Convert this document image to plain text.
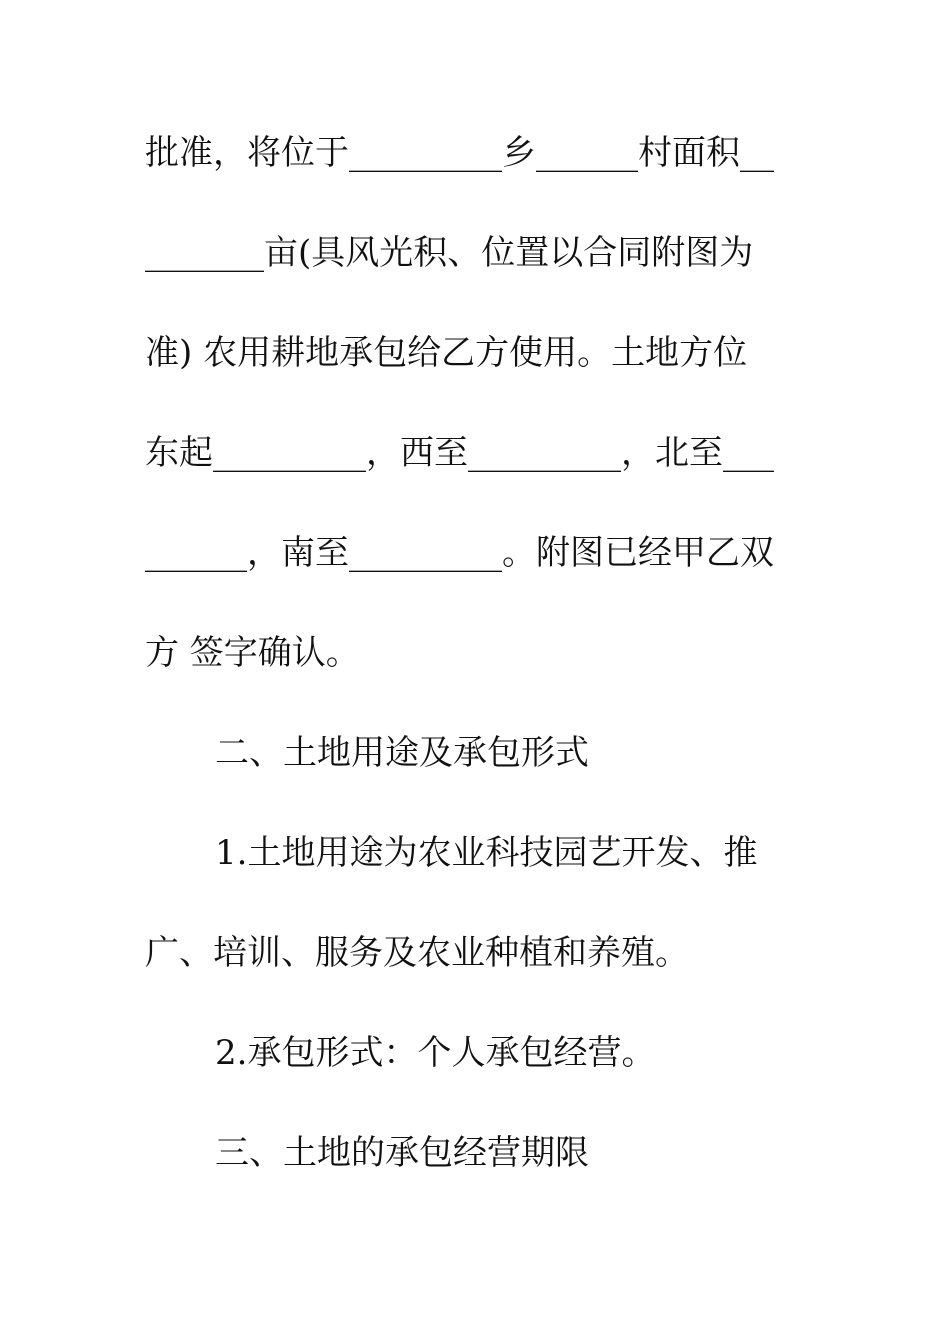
批准，将位于_________乡______村面积__
_______亩(具风光积、位置以合同附图为
准) 农用耕地承包给乙方使用。土地方位
东起_________，西至_________，北至___
______，南至_________。附图已经甲乙双
方 签字确认。
二、土地用途及承包形式
1.土地用途为农业科技园艺开发、推
广、培训、服务及农业种植和养殖。
2.承包形式：个人承包经营。
三、土地的承包经营期限
